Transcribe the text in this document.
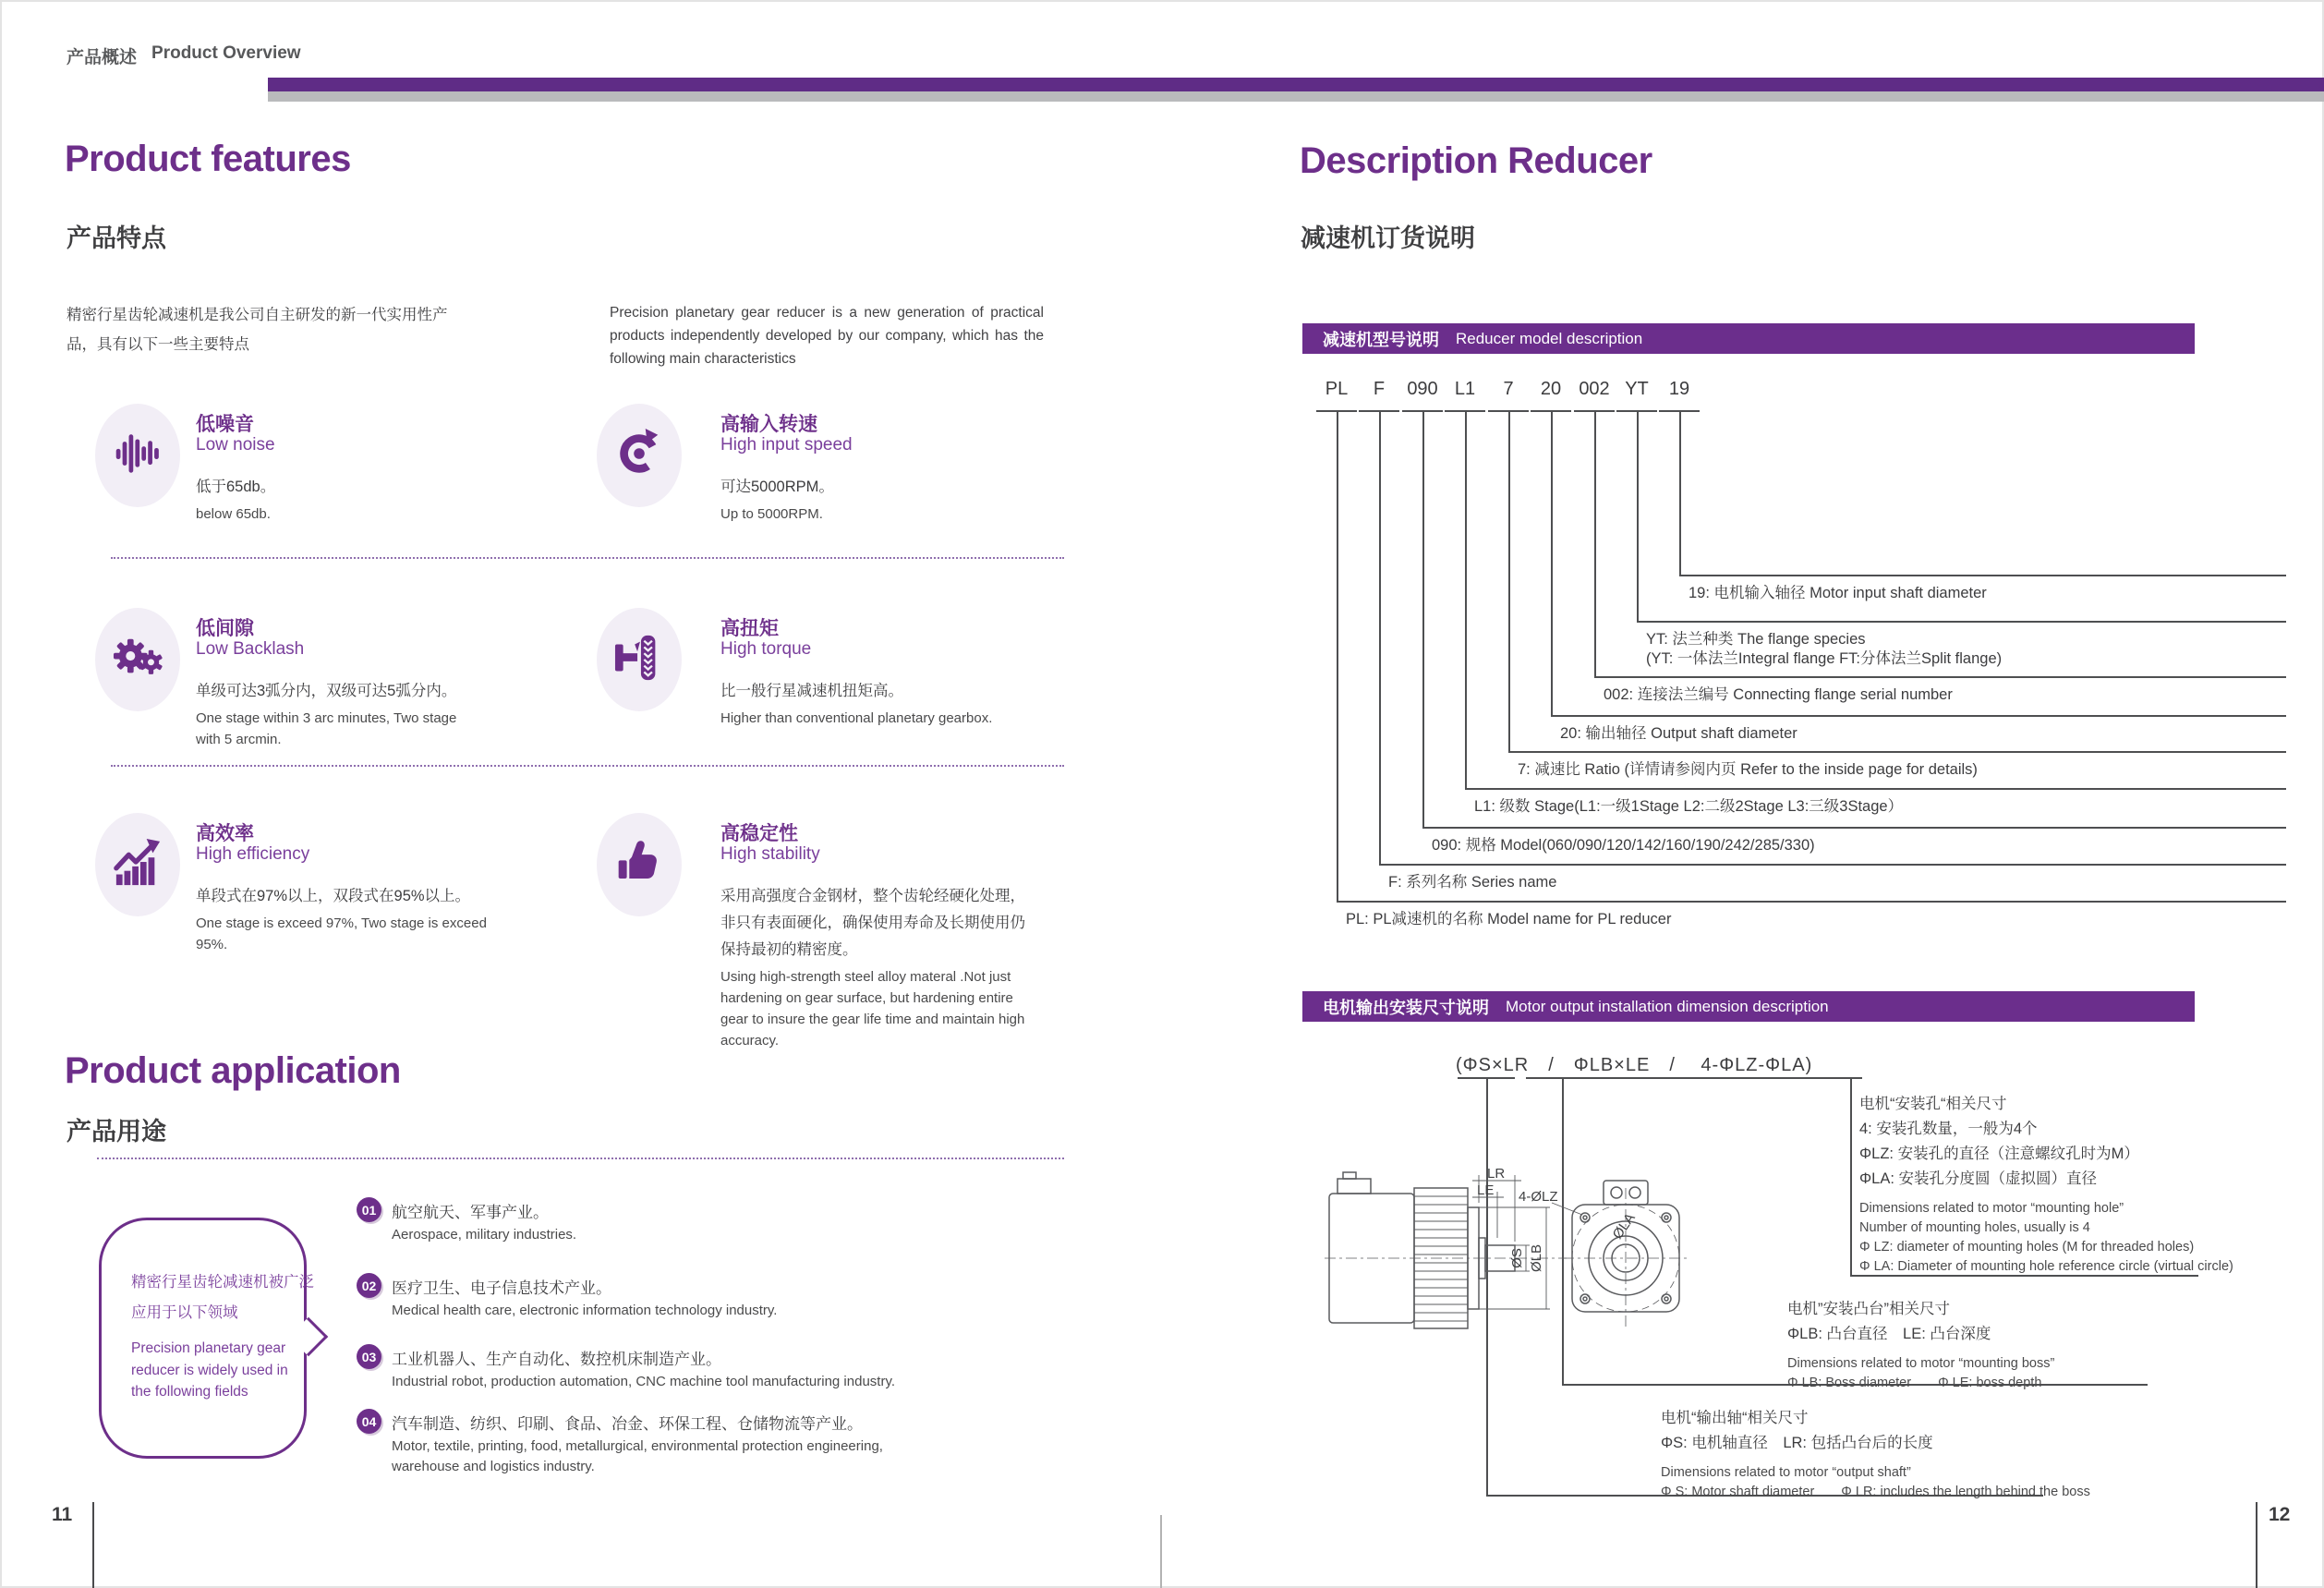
产品概述 Product Overview
Product features
产品特点
精密行星齿轮减速机是我公司自主研发的新一代实用性产品，具有以下一些主要特点
Precision planetary gear reducer is a new generation of practical products independently developed by our company, which has the following main characteristics
低噪音
Low noise
低于65db。
below 65db.
高输入转速
High input speed
可达5000RPM。
Up to 5000RPM.
低间隙
Low Backlash
单级可达3弧分内，双级可达5弧分内。
One stage within 3 arc minutes, Two stage with 5 arcmin.
高扭矩
High torque
比一般行星减速机扭矩高。
Higher than conventional planetary gearbox.
高效率
High efficiency
单段式在97%以上，双段式在95%以上。
One stage is exceed 97%, Two stage is exceed 95%.
高稳定性
High stability
采用高强度合金钢材，整个齿轮经硬化处理，非只有表面硬化，确保使用寿命及长期使用仍保持最初的精密度。
Using high-strength steel alloy materal .Not just hardening on gear surface, but hardening entire gear to insure the gear life time and maintain high accuracy.
Product application
产品用途
精密行星齿轮减速机被广泛应用于以下领域
Precision planetary gear reducer is widely used in the following fields
01 航空航天、军事产业。
Aerospace, military industries.
02 医疗卫生、电子信息技术产业。
Medical health care, electronic information technology industry.
03 工业机器人、生产自动化、数控机床制造产业。
Industrial robot, production automation, CNC machine tool manufacturing industry.
04 汽车制造、纺织、印刷、食品、冶金、环保工程、仓储物流等产业。
Motor, textile, printing, food, metallurgical, environmental protection engineering, warehouse and logistics industry.
11
Description Reducer
减速机订货说明
减速机型号说明 Reducer model description
PL
PL: PL减速机的名称 Model name for PL reducer
F
F: 系列名称 Series name
090
090: 规格 Model(060/090/120/142/160/190/242/285/330)
L1
L1: 级数 Stage(L1:一级1Stage L2:二级2Stage L3:三级3Stage）
7
7: 减速比 Ratio (详情请参阅内页 Refer to the inside page for details)
20
20: 输出轴径 Output shaft diameter
002
002: 连接法兰编号 Connecting flange serial number
YT
YT: 法兰种类 The flange species
(YT: 一体法兰Integral flange FT:分体法兰Split flange)
19
19: 电机输入轴径 Motor input shaft diameter
电机输出安装尺寸说明 Motor output installation dimension description
(ΦS×LR　/　ΦLB×LE　/　 4-ΦLZ-ΦLA)
电机“安装孔“相关尺寸
4: 安装孔数量，一般为4个
ΦLZ: 安装孔的直径（注意螺纹孔时为M）
ΦLA: 安装孔分度圆（虚拟圆）直径
Dimensions related to motor “mounting hole”
Number of mounting holes, usually is 4
Φ LZ: diameter of mounting holes (M for threaded holes)
Φ LA: Diameter of mounting hole reference circle (virtual circle)
电机”安装凸台”相关尺寸
ΦLB: 凸台直径　LE: 凸台深度
Dimensions related to motor “mounting boss”
Φ LB: Boss diameter　　Φ LE: boss depth
电机“输出轴“相关尺寸
ΦS: 电机轴直径　LR: 包括凸台后的长度
Dimensions related to motor “output shaft”
Φ S: Motor shaft diameter　　Φ LR: includes the length behind the boss
LR
LE
ØS ØLB
4-ØLZ
ØLA
12
